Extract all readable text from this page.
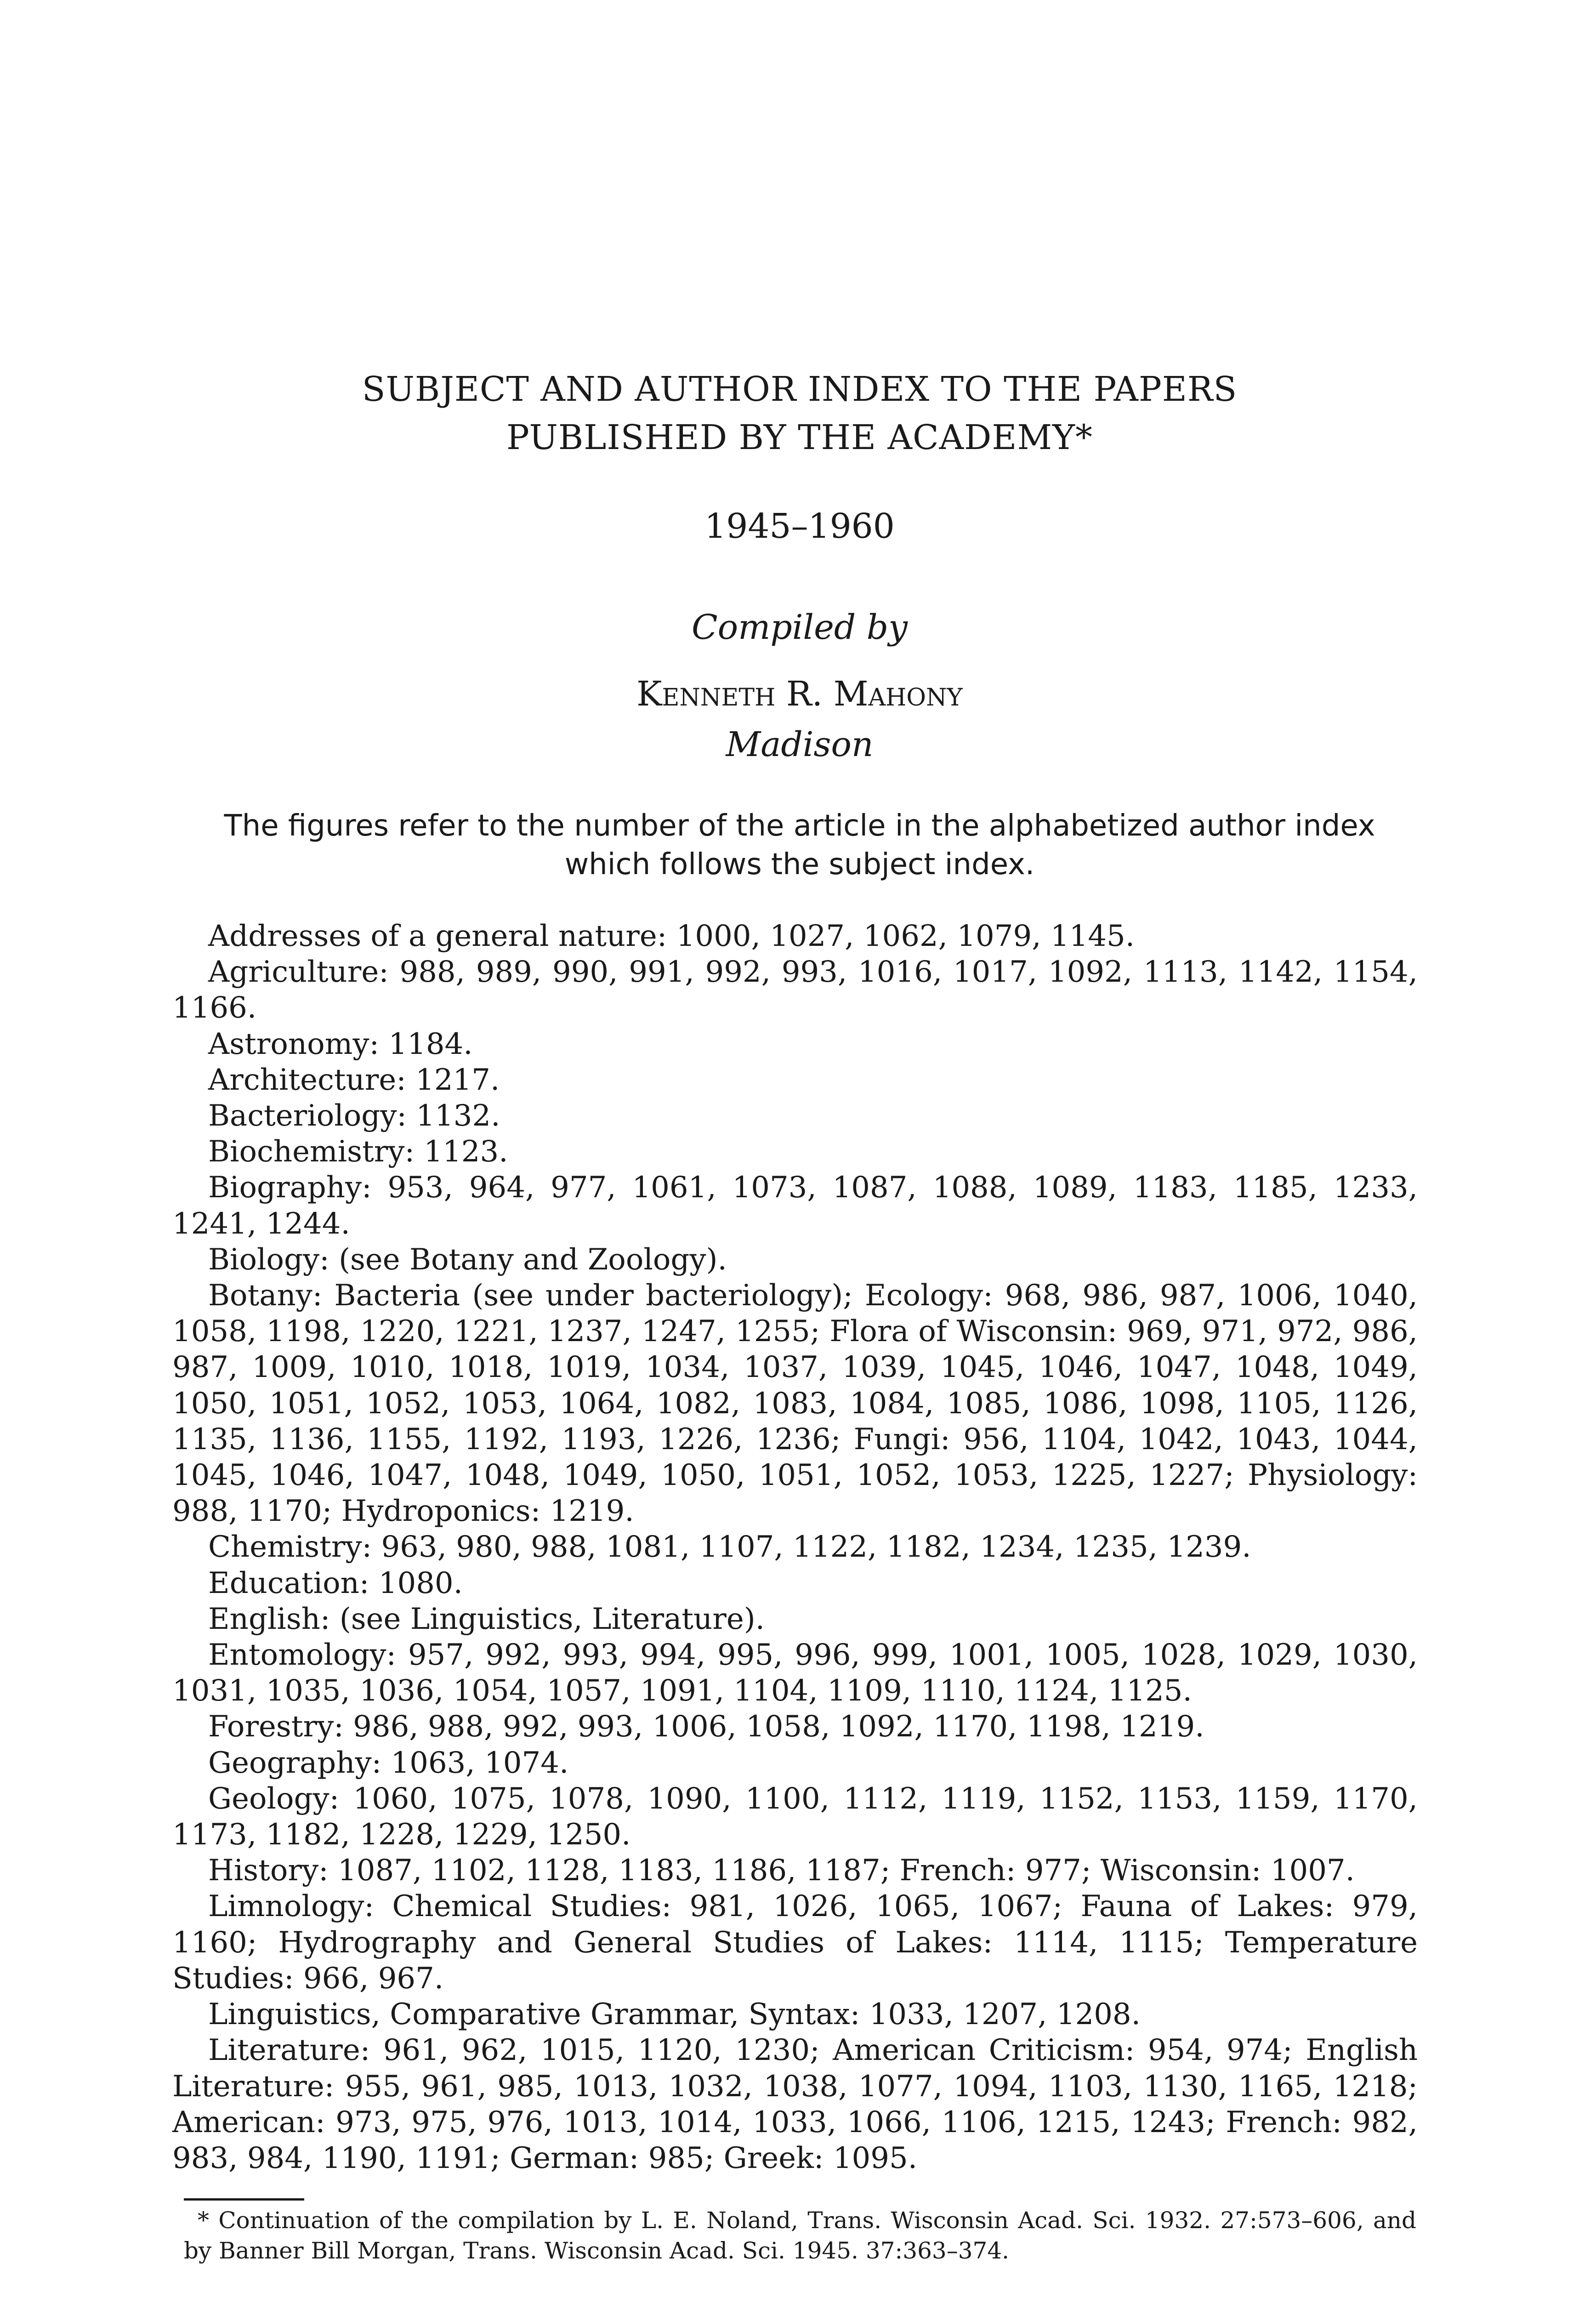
SUBJECT AND AUTHOR INDEX TO THE PAPERS
PUBLISHED BY THE ACADEMY*
1945–1960
Compiled by
Kenneth R. Mahony
Madison
The figures refer to the number of the article in the alphabetized author index which follows the subject index.

Addresses of a general nature: 1000, 1027, 1062, 1079, 1145.

Agriculture: 988, 989, 990, 991, 992, 993, 1016, 1017, 1092, 1113, 1142, 1154, 1166.

Astronomy: 1184.

Architecture: 1217.

Bacteriology: 1132.

Biochemistry: 1123.

Biography: 953, 964, 977, 1061, 1073, 1087, 1088, 1089, 1183, 1185, 1233, 1241, 1244.

Biology: (see Botany and Zoology).

Botany: Bacteria (see under bacteriology); Ecology: 968, 986, 987, 1006, 1040, 1058, 1198, 1220, 1221, 1237, 1247, 1255; Flora of Wisconsin: 969, 971, 972, 986, 987, 1009, 1010, 1018, 1019, 1034, 1037, 1039, 1045, 1046, 1047, 1048, 1049, 1050, 1051, 1052, 1053, 1064, 1082, 1083, 1084, 1085, 1086, 1098, 1105, 1126, 1135, 1136, 1155, 1192, 1193, 1226, 1236; Fungi: 956, 1104, 1042, 1043, 1044, 1045, 1046, 1047, 1048, 1049, 1050, 1051, 1052, 1053, 1225, 1227; Physiology: 988, 1170; Hydroponics: 1219.

Chemistry: 963, 980, 988, 1081, 1107, 1122, 1182, 1234, 1235, 1239.

Education: 1080.

English: (see Linguistics, Literature).

Entomology: 957, 992, 993, 994, 995, 996, 999, 1001, 1005, 1028, 1029, 1030, 1031, 1035, 1036, 1054, 1057, 1091, 1104, 1109, 1110, 1124, 1125.

Forestry: 986, 988, 992, 993, 1006, 1058, 1092, 1170, 1198, 1219.

Geography: 1063, 1074.

Geology: 1060, 1075, 1078, 1090, 1100, 1112, 1119, 1152, 1153, 1159, 1170, 1173, 1182, 1228, 1229, 1250.

History: 1087, 1102, 1128, 1183, 1186, 1187; French: 977; Wisconsin: 1007.

Limnology: Chemical Studies: 981, 1026, 1065, 1067; Fauna of Lakes: 979, 1160; Hydrography and General Studies of Lakes: 1114, 1115; Temperature Studies: 966, 967.

Linguistics, Comparative Grammar, Syntax: 1033, 1207, 1208.

Literature: 961, 962, 1015, 1120, 1230; American Criticism: 954, 974; English Literature: 955, 961, 985, 1013, 1032, 1038, 1077, 1094, 1103, 1130, 1165, 1218; American: 973, 975, 976, 1013, 1014, 1033, 1066, 1106, 1215, 1243; French: 982, 983, 984, 1190, 1191; German: 985; Greek: 1095.

* Continuation of the compilation by L. E. Noland, Trans. Wisconsin Acad. Sci. 1932. 27:573–606, and by Banner Bill Morgan, Trans. Wisconsin Acad. Sci. 1945. 37:363–374.
